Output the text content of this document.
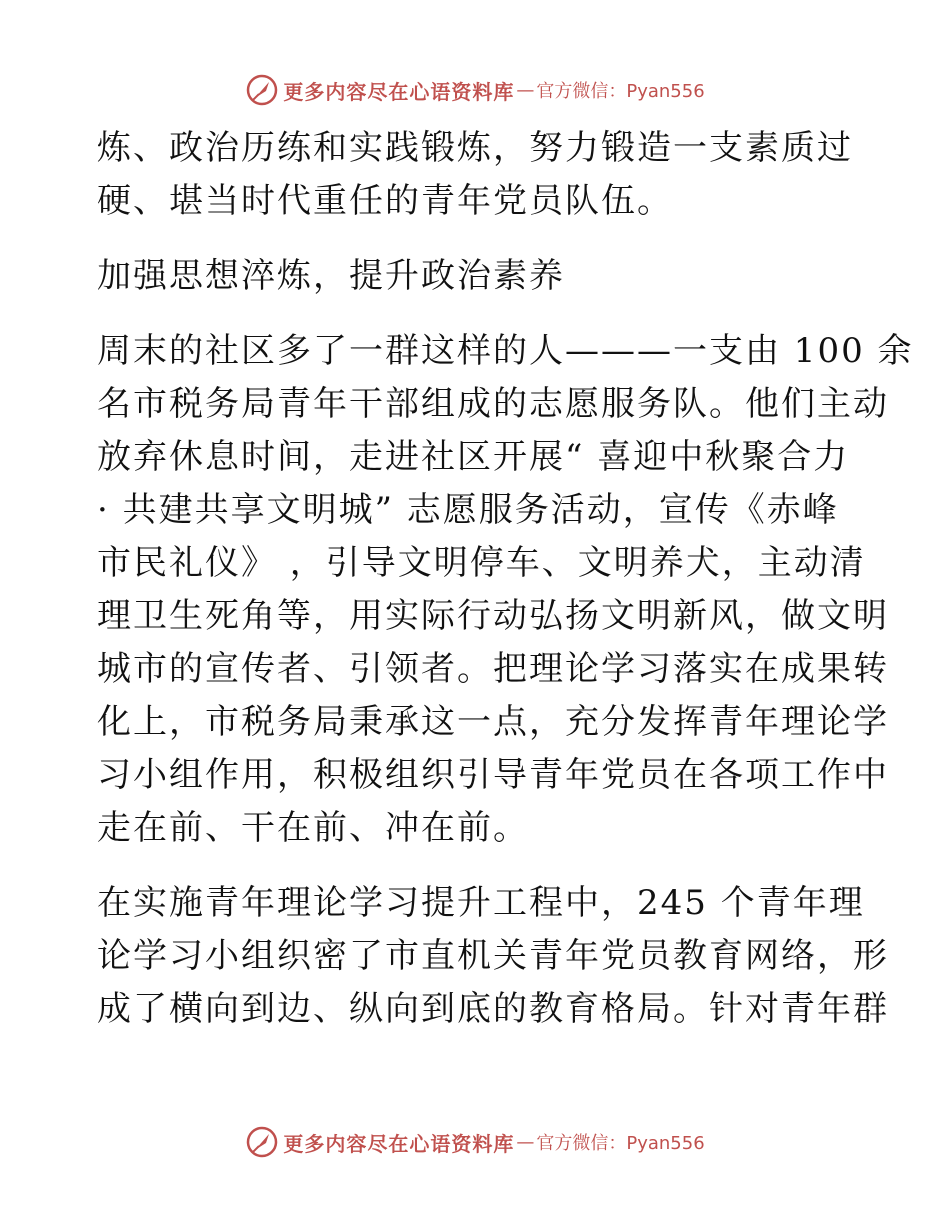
更多内容尽在心语资料库 — 官方微信：Pyan556

炼、政治历练和实践锻炼，努力锻造一支素质过
硬、堪当时代重任的青年党员队伍。

加强思想淬炼，提升政治素养

周末的社区多了一群这样的人———一支由 100 余
名市税务局青年干部组成的志愿服务队。他们主动
放弃休息时间，走进社区开展“ 喜迎中秋聚合力
· 共建共享文明城” 志愿服务活动，宣传《赤峰
市民礼仪》 ，引导文明停车、文明养犬，主动清
理卫生死角等，用实际行动弘扬文明新风，做文明
城市的宣传者、引领者。把理论学习落实在成果转
化上，市税务局秉承这一点，充分发挥青年理论学
习小组作用，积极组织引导青年党员在各项工作中
走在前、干在前、冲在前。

在实施青年理论学习提升工程中，245 个青年理
论学习小组织密了市直机关青年党员教育网络，形
成了横向到边、纵向到底的教育格局。针对青年群

更多内容尽在心语资料库 — 官方微信：Pyan556
